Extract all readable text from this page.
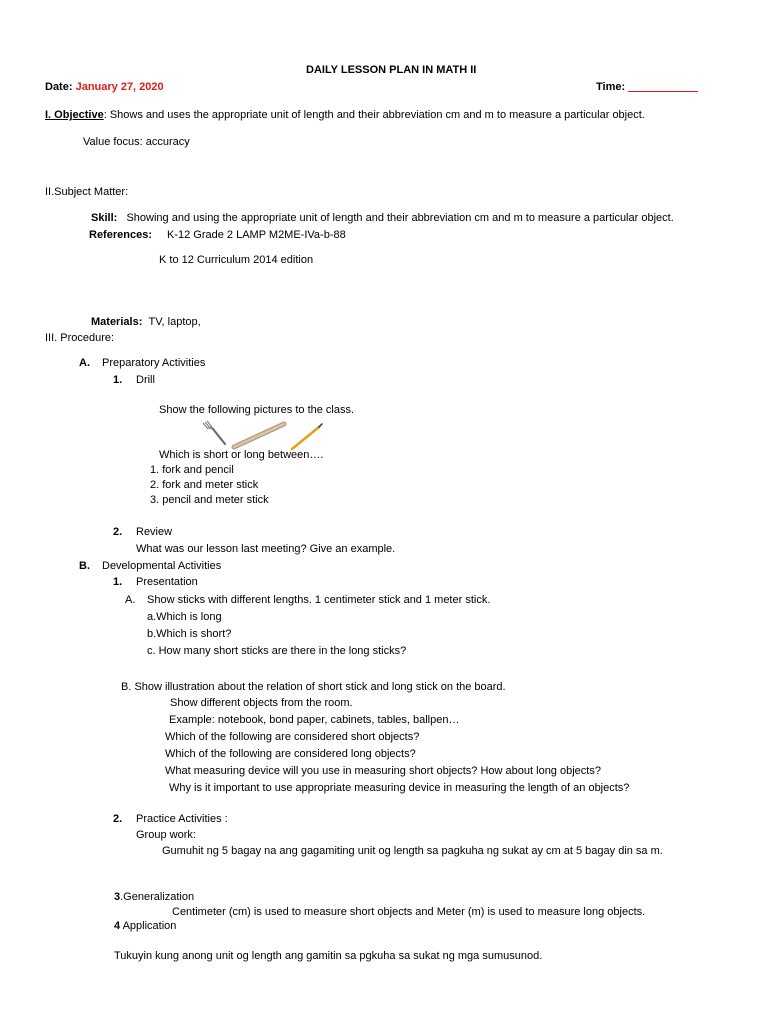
DAILY LESSON PLAN IN MATH II
Date: January 27, 2020	Time:
I. Objective: Shows and uses the appropriate unit of length and their abbreviation cm and m to measure a particular object.
Value focus: accuracy
II.Subject Matter:
Skill: Showing and using the appropriate unit of length and their abbreviation cm and m to measure a particular object.
References: K-12 Grade 2 LAMP M2ME-IVa-b-88
K to 12 Curriculum 2014 edition
Materials: TV, laptop,
III. Procedure:
A. Preparatory Activities
1. Drill
Show the following pictures to the class.
Which is short or long between….
1. fork and pencil
2. fork and meter stick
3. pencil and meter stick
2. Review
What was our lesson last meeting? Give an example.
B. Developmental Activities
1. Presentation
A. Show sticks with different lengths. 1 centimeter stick and 1 meter stick.
a.Which is long
b.Which is short?
c. How many short sticks are there in the long sticks?
B. Show illustration about the relation of short stick and long stick on the board.
Show different objects from the room.
Example: notebook, bond paper, cabinets, tables, ballpen…
Which of the following are considered short objects?
Which of the following are considered long objects?
What measuring device will you use in measuring short objects? How about long objects?
Why is it important to use appropriate measuring device in measuring the length of an objects?
2. Practice Activities :
Group work:
Gumuhit ng 5 bagay na ang gagamiting unit og length sa pagkuha ng sukat ay cm at 5 bagay din sa m.
3.Generalization
Centimeter (cm) is used to measure short objects and Meter (m) is used to measure long objects.
4 Application
Tukuyin kung anong unit og length ang gamitin sa pgkuha sa sukat ng mga sumusunod.
